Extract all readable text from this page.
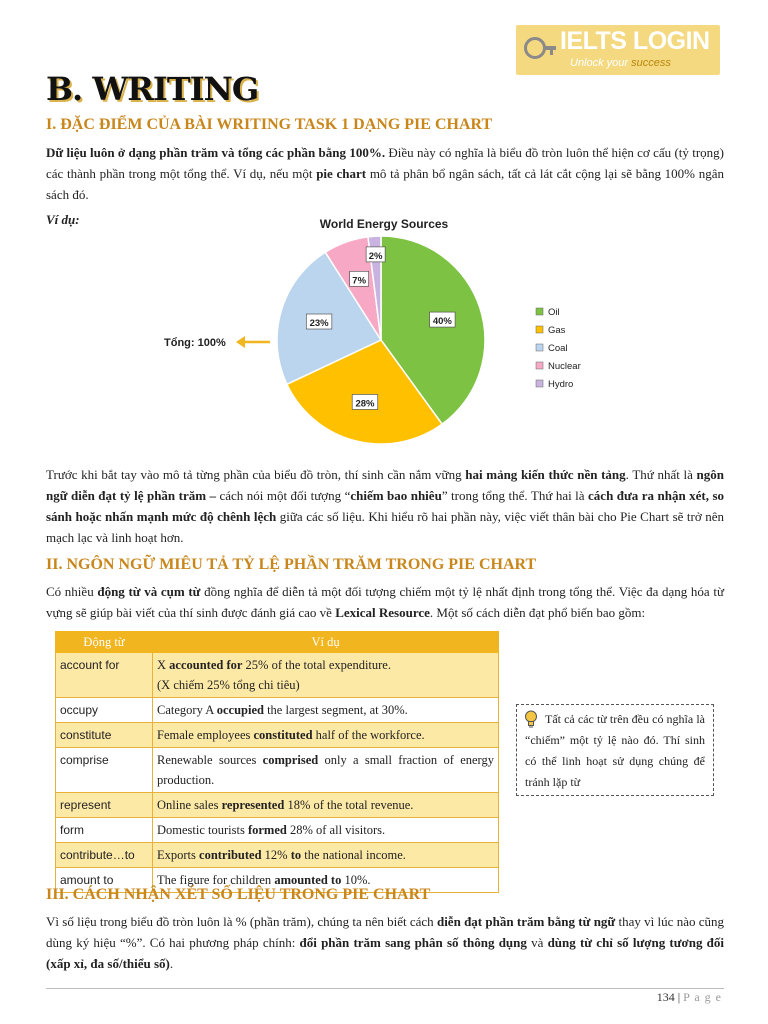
IELTS LOGIN
Unlock your success
B. WRITING
I. ĐẶC ĐIỂM CỦA BÀI WRITING TASK 1 DẠNG PIE CHART

Dữ liệu luôn ở dạng phần trăm và tổng các phần bằng 100%. Điều này có nghĩa là biểu đồ tròn luôn thể hiện cơ cấu (tỷ trọng) các thành phần trong một tổng thể. Ví dụ, nếu một pie chart mô tả phân bổ ngân sách, tất cả lát cắt cộng lại sẽ bằng 100% ngân sách đó.

Ví dụ:	World Energy Sources
40%
28%
23%
7%
2%
Oil
Gas
Coal
Nuclear
Hydro
Tổng: 100%

Trước khi bắt tay vào mô tả từng phần của biểu đồ tròn, thí sinh cần nắm vững hai mảng kiến thức nền tảng. Thứ nhất là ngôn ngữ diễn đạt tỷ lệ phần trăm – cách nói một đối tượng “chiếm bao nhiêu” trong tổng thể. Thứ hai là cách đưa ra nhận xét, so sánh hoặc nhấn mạnh mức độ chênh lệch giữa các số liệu. Khi hiểu rõ hai phần này, việc viết thân bài cho Pie Chart sẽ trở nên mạch lạc và linh hoạt hơn.

II. NGÔN NGỮ MIÊU TẢ TỶ LỆ PHẦN TRĂM TRONG PIE CHART

Có nhiều động từ và cụm từ đồng nghĩa để diễn tả một đối tượng chiếm một tỷ lệ nhất định trong tổng thể. Việc đa dạng hóa từ vựng sẽ giúp bài viết của thí sinh được đánh giá cao về Lexical Resource. Một số cách diễn đạt phổ biến bao gồm:

Động từ	Ví dụ
account for	X accounted for 25% of the total expenditure.
(X chiếm 25% tổng chi tiêu)
occupy	Category A occupied the largest segment, at 30%.
constitute	Female employees constituted half of the workforce.
comprise	Renewable sources comprised only a small fraction of energy production.
represent	Online sales represented 18% of the total revenue.
form	Domestic tourists formed 28% of all visitors.
contribute…to	Exports contributed 12% to the national income.
amount to	The figure for children amounted to 10%.
Tất cả các từ trên đều có nghĩa là “chiếm” một tỷ lệ nào đó. Thí sinh có thể linh hoạt sử dụng chúng để tránh lặp từ
III. CÁCH NHẬN XÉT SỐ LIỆU TRONG PIE CHART

Vì số liệu trong biểu đồ tròn luôn là % (phần trăm), chúng ta nên biết cách diễn đạt phần trăm bằng từ ngữ thay vì lúc nào cũng dùng ký hiệu “%”. Có hai phương pháp chính: đổi phần trăm sang phân số thông dụng và dùng từ chỉ số lượng tương đối (xấp xỉ, đa số/thiểu số).

134 | P a g e
